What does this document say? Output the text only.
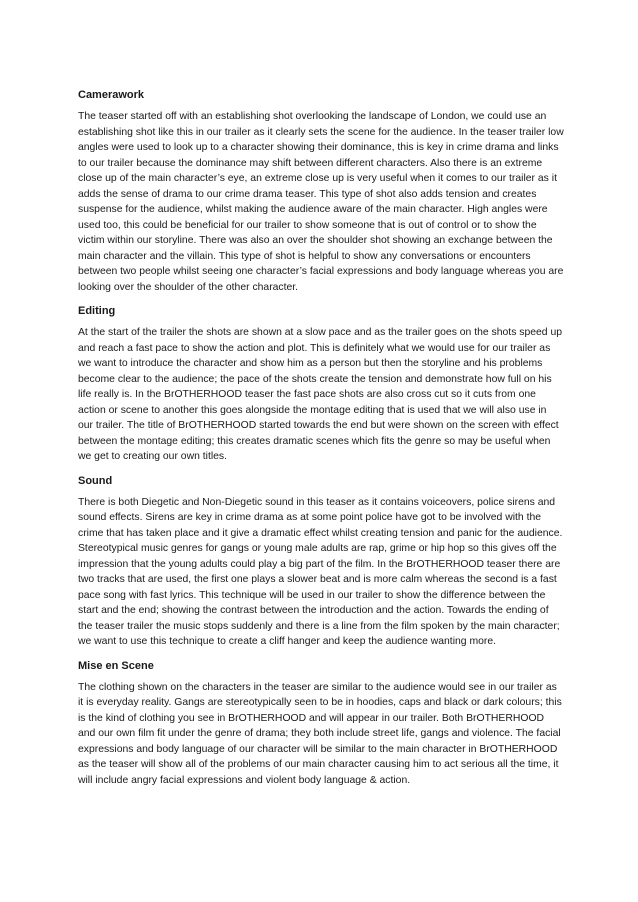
Camerawork

The teaser started off with an establishing shot overlooking the landscape of London, we could use an establishing shot like this in our trailer as it clearly sets the scene for the audience. In the teaser trailer low angles were used to look up to a character showing their dominance, this is key in crime drama and links to our trailer because the dominance may shift between different characters. Also there is an extreme close up of the main character’s eye, an extreme close up is very useful when it comes to our trailer as it adds the sense of drama to our crime drama teaser. This type of shot also adds tension and creates suspense for the audience, whilst making the audience aware of the main character. High angles were used too, this could be beneficial for our trailer to show someone that is out of control or to show the victim within our storyline. There was also an over the shoulder shot showing an exchange between the main character and the villain. This type of shot is helpful to show any conversations or encounters between two people whilst seeing one character’s facial expressions and body language whereas you are looking over the shoulder of the other character.

Editing

At the start of the trailer the shots are shown at a slow pace and as the trailer goes on the shots speed up and reach a fast pace to show the action and plot. This is definitely what we would use for our trailer as we want to introduce the character and show him as a person but then the storyline and his problems become clear to the audience; the pace of the shots create the tension and demonstrate how full on his life really is. In the BrOTHERHOOD teaser the fast pace shots are also cross cut so it cuts from one action or scene to another this goes alongside the montage editing that is used that we will also use in our trailer. The title of BrOTHERHOOD started towards the end but were shown on the screen with effect between the montage editing; this creates dramatic scenes which fits the genre so may be useful when we get to creating our own titles.

Sound

There is both Diegetic and Non-Diegetic sound in this teaser as it contains voiceovers, police sirens and sound effects. Sirens are key in crime drama as at some point police have got to be involved with the crime that has taken place and it give a dramatic effect whilst creating tension and panic for the audience. Stereotypical music genres for gangs or young male adults are rap, grime or hip hop so this gives off the impression that the young adults could play a big part of the film. In the BrOTHERHOOD teaser there are two tracks that are used, the first one plays a slower beat and is more calm whereas the second is a fast pace song with fast lyrics. This technique will be used in our trailer to show the difference between the start and the end; showing the contrast between the introduction and the action. Towards the ending of the teaser trailer the music stops suddenly and there is a line from the film spoken by the main character; we want to use this technique to create a cliff hanger and keep the audience wanting more.

Mise en Scene

The clothing shown on the characters in the teaser are similar to the audience would see in our trailer as it is everyday reality. Gangs are stereotypically seen to be in hoodies, caps and black or dark colours; this is the kind of clothing you see in BrOTHERHOOD and will appear in our trailer. Both BrOTHERHOOD and our own film fit under the genre of drama; they both include street life, gangs and violence. The facial expressions and body language of our character will be similar to the main character in BrOTHERHOOD as the teaser will show all of the problems of our main character causing him to act serious all the time, it will include angry facial expressions and violent body language & action.
